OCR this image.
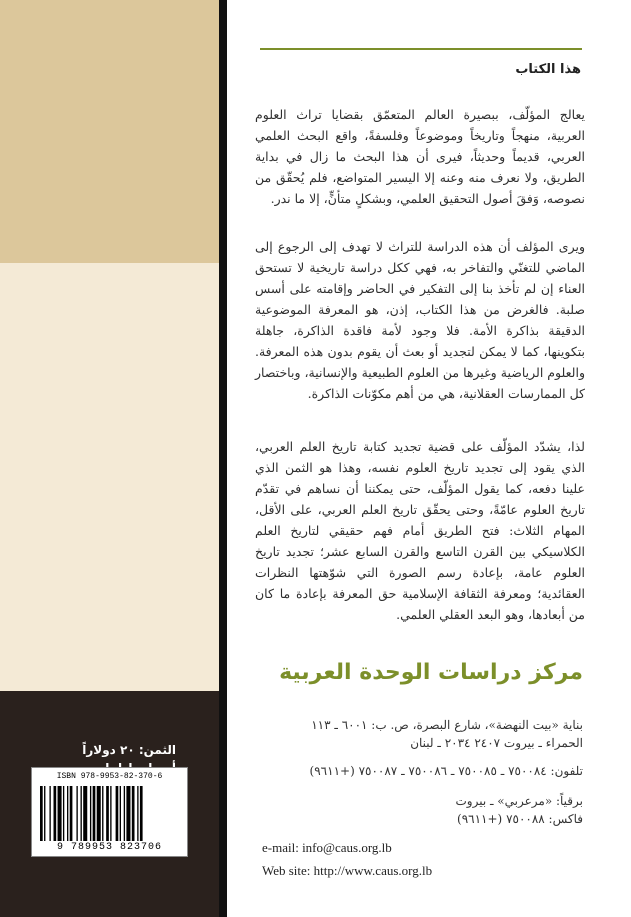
هذا الكتاب
يعالج المؤلّف، ببصيرة العالم المتعمّق بقضايا تراث العلوم العربية، منهجاً وتاريخاً وموضوعاً وفلسفةً، واقع البحث العلمي العربي، قديماً وحديثاً، فيرى أن هذا البحث ما زال في بداية الطريق، ولا نعرف منه وعنه إلا اليسير المتواضع، فلم يُحقّق من نصوصه، وَفقَ أصول التحقيق العلمي، وبشكلٍ متأنٍّ، إلا ما ندر.
ويرى المؤلف أن هذه الدراسة للتراث لا تهدف إلى الرجوع إلى الماضي للتغنّي والتفاخر به، فهي ككل دراسة تاريخية لا تستحق العناء إن لم تأخذ بنا إلى التفكير في الحاضر وإقامته على أسس صلبة. فالغرض من هذا الكتاب، إذن، هو المعرفة الموضوعية الدقيقة بذاكرة الأمة. فلا وجود لأمة فاقدة الذاكرة، جاهلة بتكوينها، كما لا يمكن لتجديد أو بعث أن يقوم بدون هذه المعرفة. والعلوم الرياضية وغيرها من العلوم الطبيعية والإنسانية، وباختصار كل الممارسات العقلانية، هي من أهم مكوّنات الذاكرة.
لذا، يشدّد المؤلّف على قضية تجديد كتابة تاريخ العلم العربي، الذي يقود إلى تجديد تاريخ العلوم نفسه، وهذا هو الثمن الذي علينا دفعه، كما يقول المؤلّف، حتى يمكننا أن نساهم في تقدّم تاريخ العلوم عامّةً، وحتى يحقّق تاريخ العلم العربي، على الأقل، المهام الثلاث: فتح الطريق أمام فهم حقيقي لتاريخ العلم الكلاسيكي بين القرن التاسع والقرن السابع عشر؛ تجديد تاريخ العلوم عامة، بإعادة رسم الصورة التي شوّهتها النظرات العقائدية؛ ومعرفة الثقافة الإسلامية حق المعرفة بإعادة ما كان من أبعادها، وهو البعد العقلي العلمي.
مركز دراسات الوحدة العربية
بناية «بيت النهضة»، شارع البصرة، ص. ب: ٦٠٠١ ـ ١١٣
الحمراء ـ بيروت ٢٤٠٧ ٢٠٣٤ ـ لبنان
تلفون: ٧٥٠٠٨٤ ـ ٧٥٠٠٨٥ ـ ٧٥٠٠٨٦ ـ ٧٥٠٠٨٧ (+٩٦١١)
برقياً: «مرعربي» ـ بيروت
فاكس: ٧٥٠٠٨٨ (+٩٦١١)
e-mail: info@caus.org.lb
Web site: http://www.caus.org.lb
الثمن: ٢٠ دولاراً
ISBN 978-9953-82-370-6
9 789953 823706
